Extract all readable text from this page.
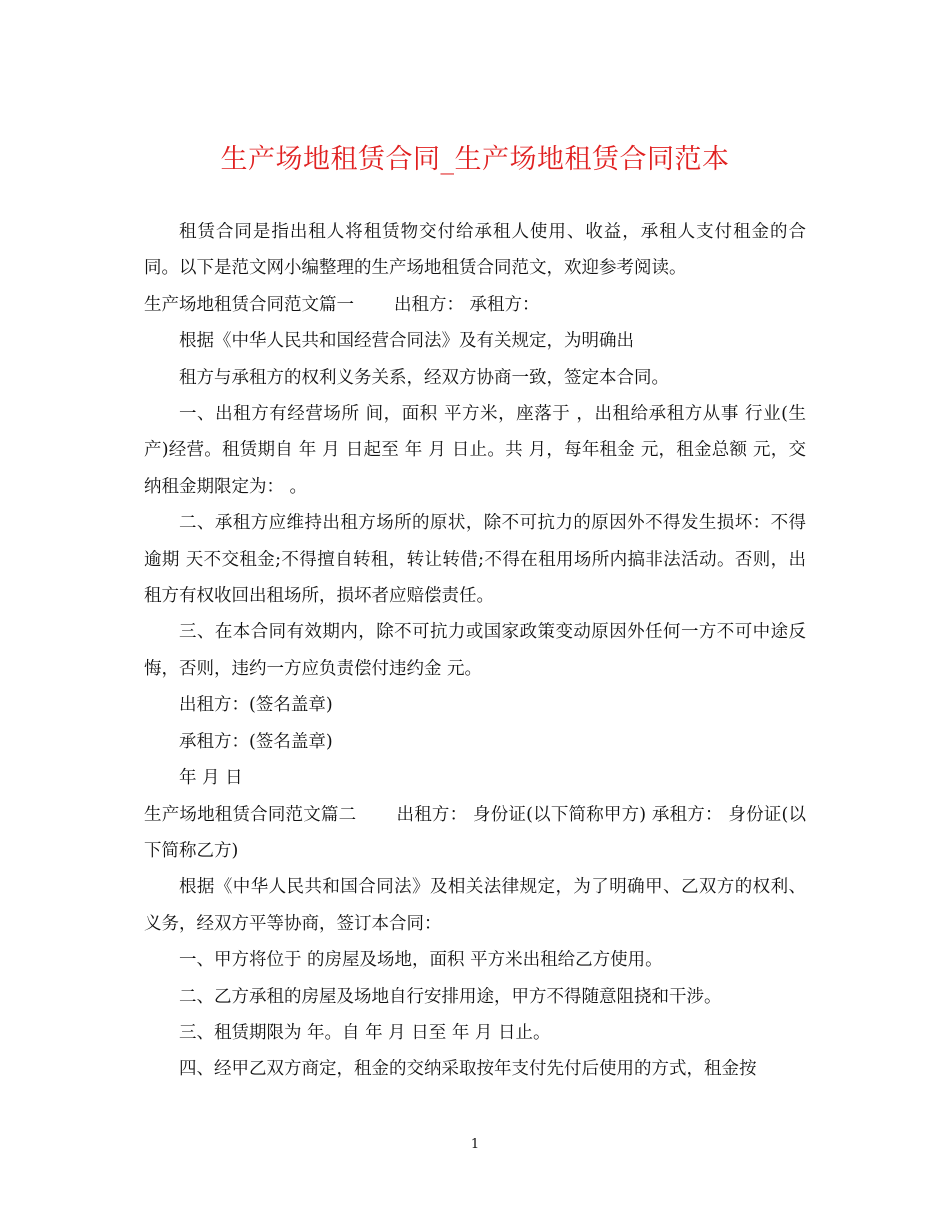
生产场地租赁合同_生产场地租赁合同范本

租赁合同是指出租人将租赁物交付给承租人使用、收益，承租人支付租金的合同。以下是范文网小编整理的生产场地租赁合同范文，欢迎参考阅读。

生产场地租赁合同范文篇一 出租方： 承租方：

根据《中华人民共和国经营合同法》及有关规定，为明确出

租方与承租方的权利义务关系，经双方协商一致，签定本合同。

一、出租方有经营场所 间，面积 平方米，座落于 ，出租给承租方从事 行业(生产)经营。租赁期自 年 月 日起至 年 月 日止。共 月，每年租金 元，租金总额 元，交纳租金期限定为： 。

二、承租方应维持出租方场所的原状，除不可抗力的原因外不得发生损坏：不得逾期 天不交租金;不得擅自转租，转让转借;不得在租用场所内搞非法活动。否则，出租方有权收回出租场所，损坏者应赔偿责任。

三、在本合同有效期内，除不可抗力或国家政策变动原因外任何一方不可中途反悔，否则，违约一方应负责偿付违约金 元。

出租方：(签名盖章)

承租方：(签名盖章)

年 月 日

生产场地租赁合同范文篇二 出租方： 身份证(以下简称甲方) 承租方： 身份证(以下简称乙方)

根据《中华人民共和国合同法》及相关法律规定，为了明确甲、乙双方的权利、义务，经双方平等协商，签订本合同：

一、甲方将位于 的房屋及场地，面积 平方米出租给乙方使用。

二、乙方承租的房屋及场地自行安排用途，甲方不得随意阻挠和干涉。

三、租赁期限为 年。自 年 月 日至 年 月 日止。

四、经甲乙双方商定，租金的交纳采取按年支付先付后使用的方式，租金按

1
